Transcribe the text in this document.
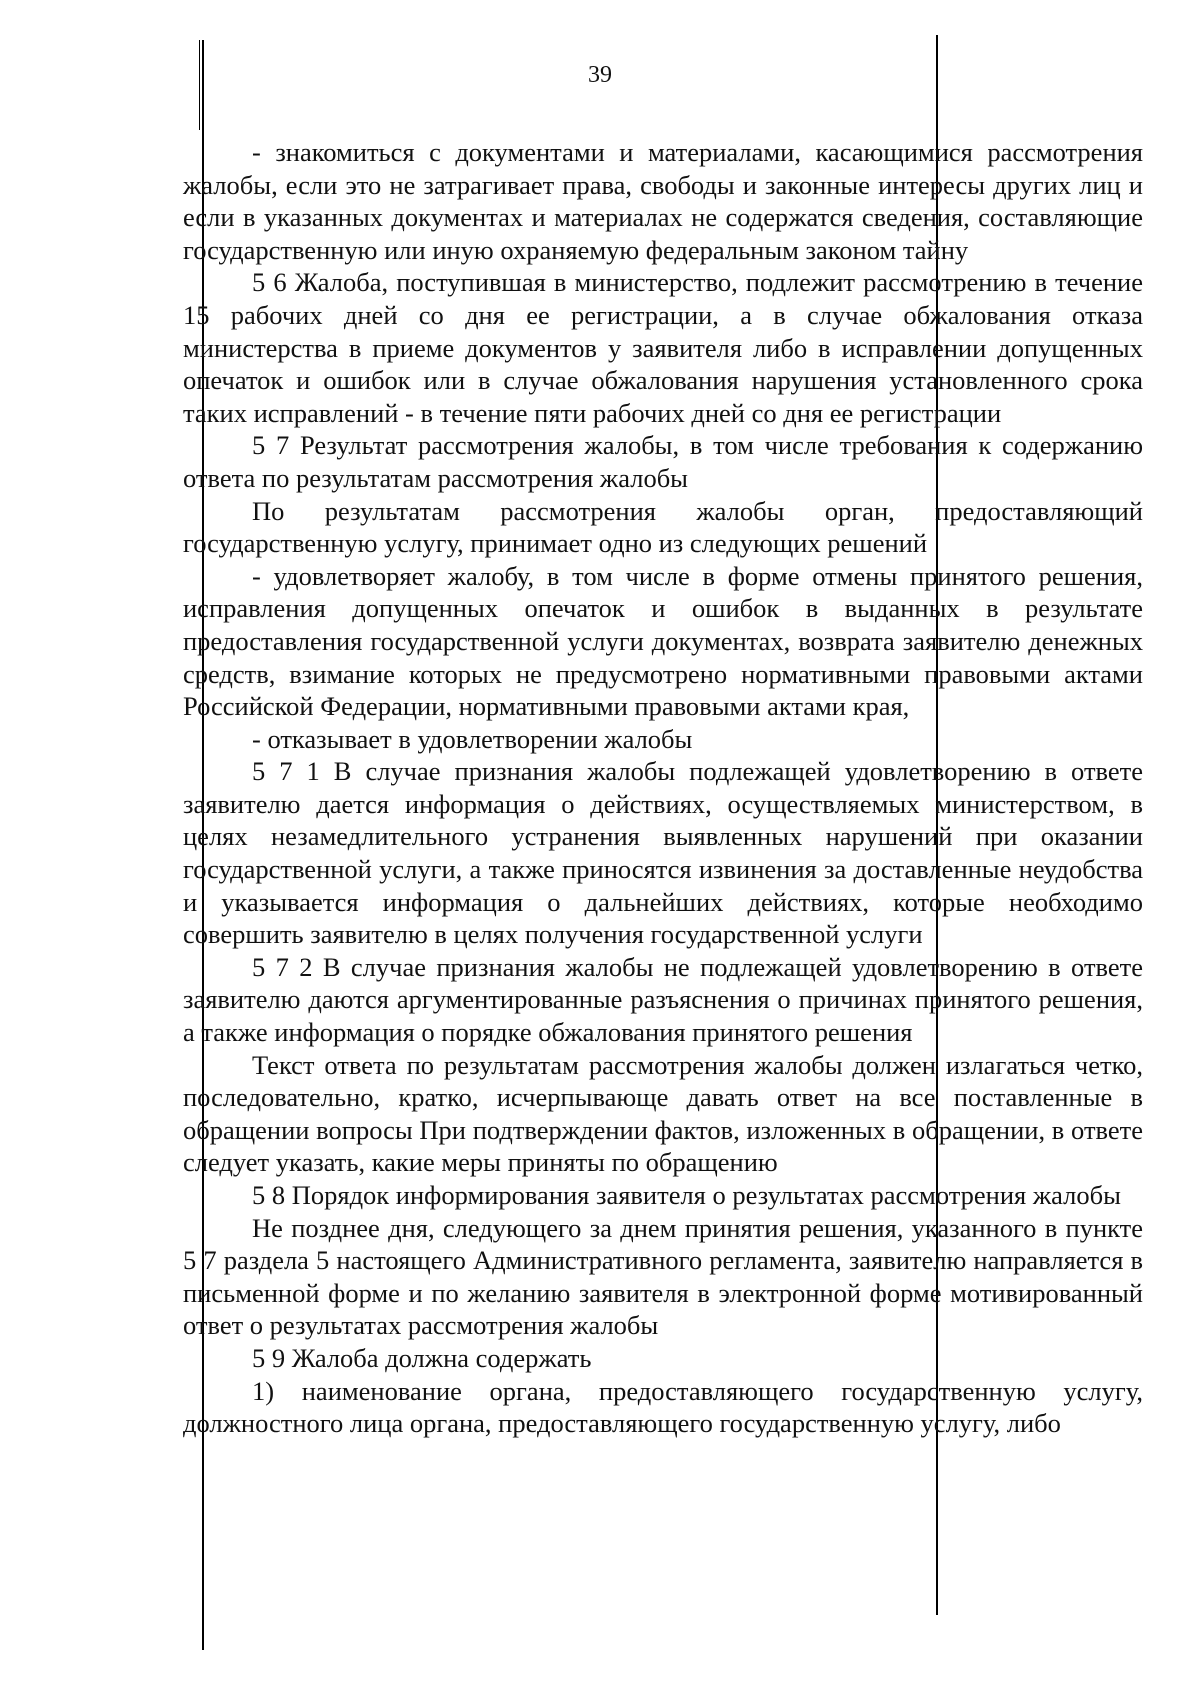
39

- знакомиться с документами и материалами, касающимися рассмотрения жалобы, если это не затрагивает права, свободы и законные интересы других лиц и если в указанных документах и материалах не содержатся сведения, составляющие государственную или иную охраняемую федеральным законом тайну

5 6 Жалоба, поступившая в министерство, подлежит рассмотрению в течение 15 рабочих дней со дня ее регистрации, а в случае обжалования отказа министерства в приеме документов у заявителя либо в исправлении допущенных опечаток и ошибок или в случае обжалования нарушения установленного срока таких исправлений - в течение пяти рабочих дней со дня ее регистрации

5 7 Результат рассмотрения жалобы, в том числе требования к содержанию ответа по результатам рассмотрения жалобы

По результатам рассмотрения жалобы орган, предоставляющий государственную услугу, принимает одно из следующих решений

- удовлетворяет жалобу, в том числе в форме отмены принятого решения, исправления допущенных опечаток и ошибок в выданных в результате предоставления государственной услуги документах, возврата заявителю денежных средств, взимание которых не предусмотрено нормативными правовыми актами Российской Федерации, нормативными правовыми актами края,

- отказывает в удовлетворении жалобы

5 7 1 В случае признания жалобы подлежащей удовлетворению в ответе заявителю дается информация о действиях, осуществляемых министерством, в целях незамедлительного устранения выявленных нарушений при оказании государственной услуги, а также приносятся извинения за доставленные неудобства и указывается информация о дальнейших действиях, которые необходимо совершить заявителю в целях получения государственной услуги

5 7 2 В случае признания жалобы не подлежащей удовлетворению в ответе заявителю даются аргументированные разъяснения о причинах принятого решения, а также информация о порядке обжалования принятого решения

Текст ответа по результатам рассмотрения жалобы должен излагаться четко, последовательно, кратко, исчерпывающе давать ответ на все поставленные в обращении вопросы При подтверждении фактов, изложенных в обращении, в ответе следует указать, какие меры приняты по обращению

5 8 Порядок информирования заявителя о результатах рассмотрения жалобы

Не позднее дня, следующего за днем принятия решения, указанного в пункте 5 7 раздела 5 настоящего Административного регламента, заявителю направляется в письменной форме и по желанию заявителя в электронной форме мотивированный ответ о результатах рассмотрения жалобы

5 9 Жалоба должна содержать

1) наименование органа, предоставляющего государственную услугу, должностного лица органа, предоставляющего государственную услугу, либо
